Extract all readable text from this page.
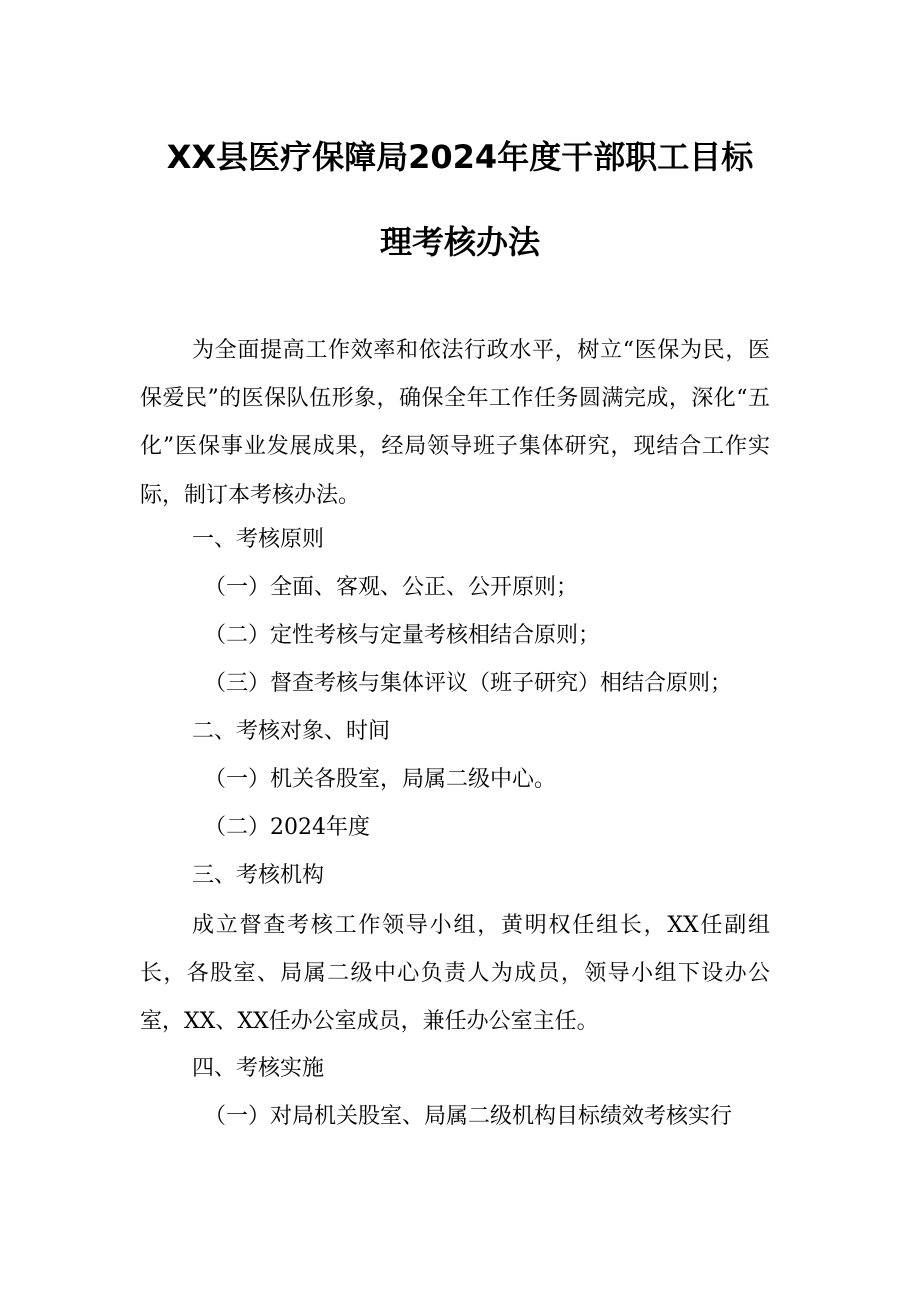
XX县医疗保障局2024年度干部职工目标
理考核办法

为全面提高工作效率和依法行政水平，树立“医保为民，医保爱民”的医保队伍形象，确保全年工作任务圆满完成，深化“五化”医保事业发展成果，经局领导班子集体研究，现结合工作实际，制订本考核办法。

一、考核原则
（一）全面、客观、公正、公开原则；
（二）定性考核与定量考核相结合原则；
（三）督查考核与集体评议（班子研究）相结合原则；
二、考核对象、时间
（一）机关各股室，局属二级中心。
（二）2024年度
三、考核机构

成立督查考核工作领导小组，黄明权任组长，XX任副组长，各股室、局属二级中心负责人为成员，领导小组下设办公室，XX、XX任办公室成员，兼任办公室主任。

四、考核实施
（一）对局机关股室、局属二级机构目标绩效考核实行
